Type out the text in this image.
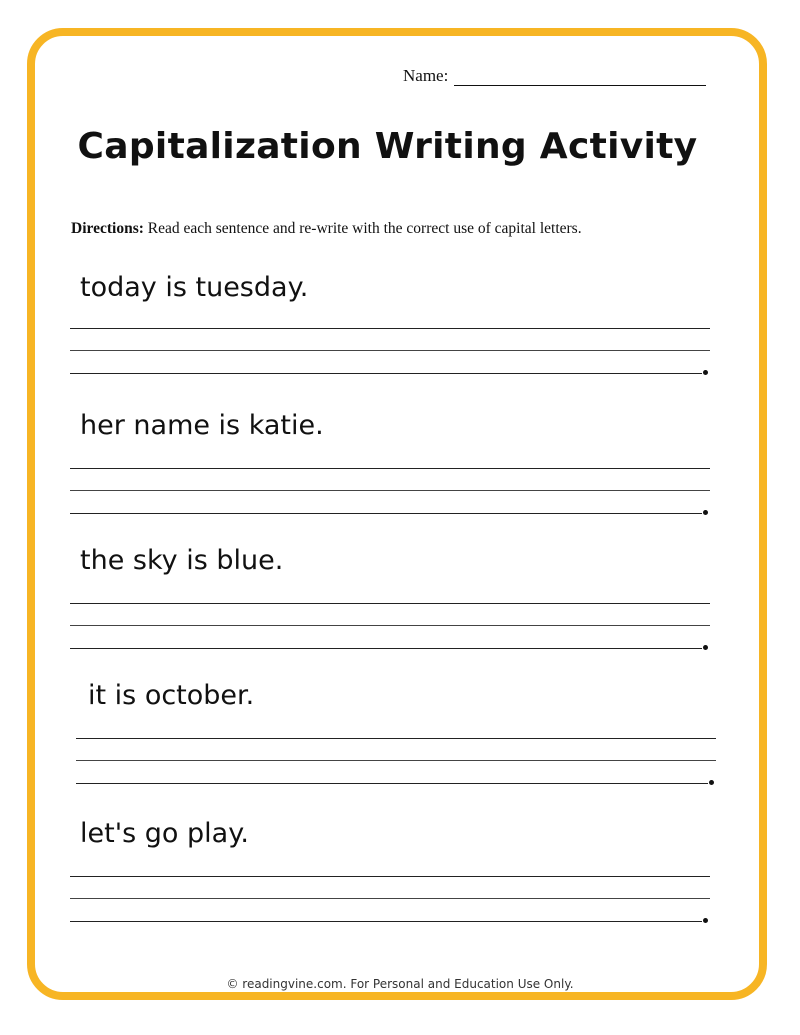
Name:
Capitalization Writing Activity
Directions: Read each sentence and re-write with the correct use of capital letters.
today is tuesday.
her name is katie.
the sky is blue.
it is october.
let's go play.
© readingvine.com. For Personal and Education Use Only.
